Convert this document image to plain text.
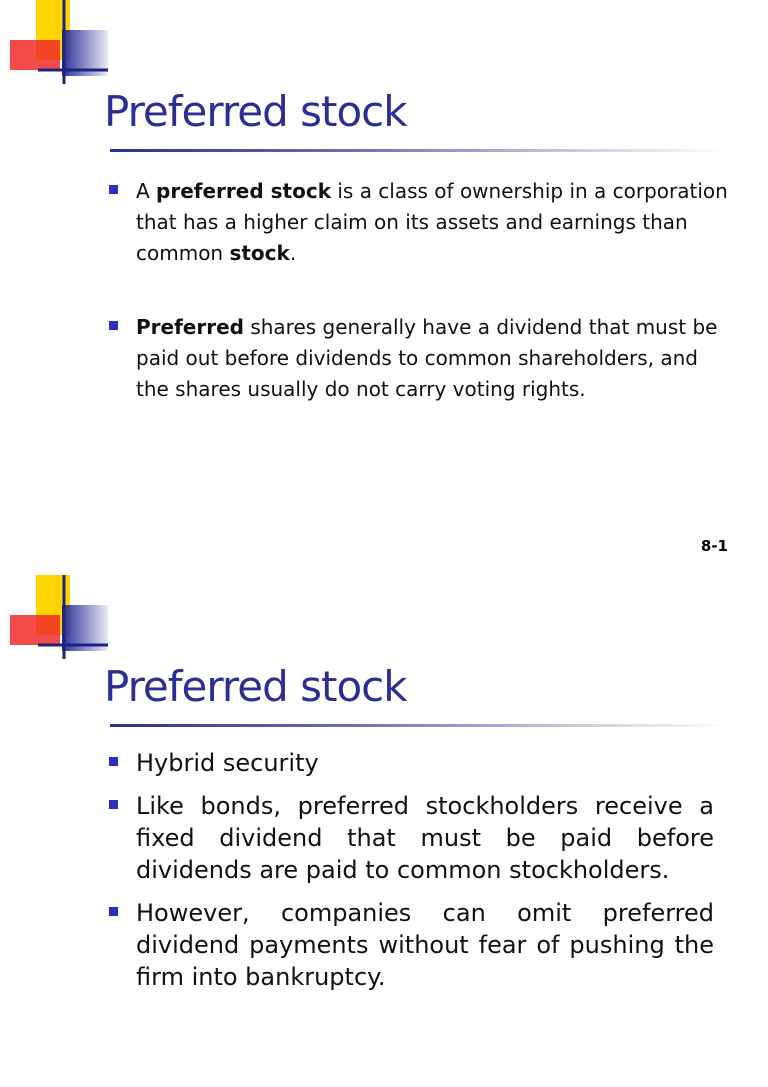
Preferred stock
A preferred stock is a class of ownership in a corporation that has a higher claim on its assets and earnings than common stock.
Preferred shares generally have a dividend that must be paid out before dividends to common shareholders, and the shares usually do not carry voting rights.
8-1
Preferred stock
Hybrid security
Like bonds, preferred stockholders receive a fixed dividend that must be paid before dividends are paid to common stockholders.
However, companies can omit preferred dividend payments without fear of pushing the firm into bankruptcy.
